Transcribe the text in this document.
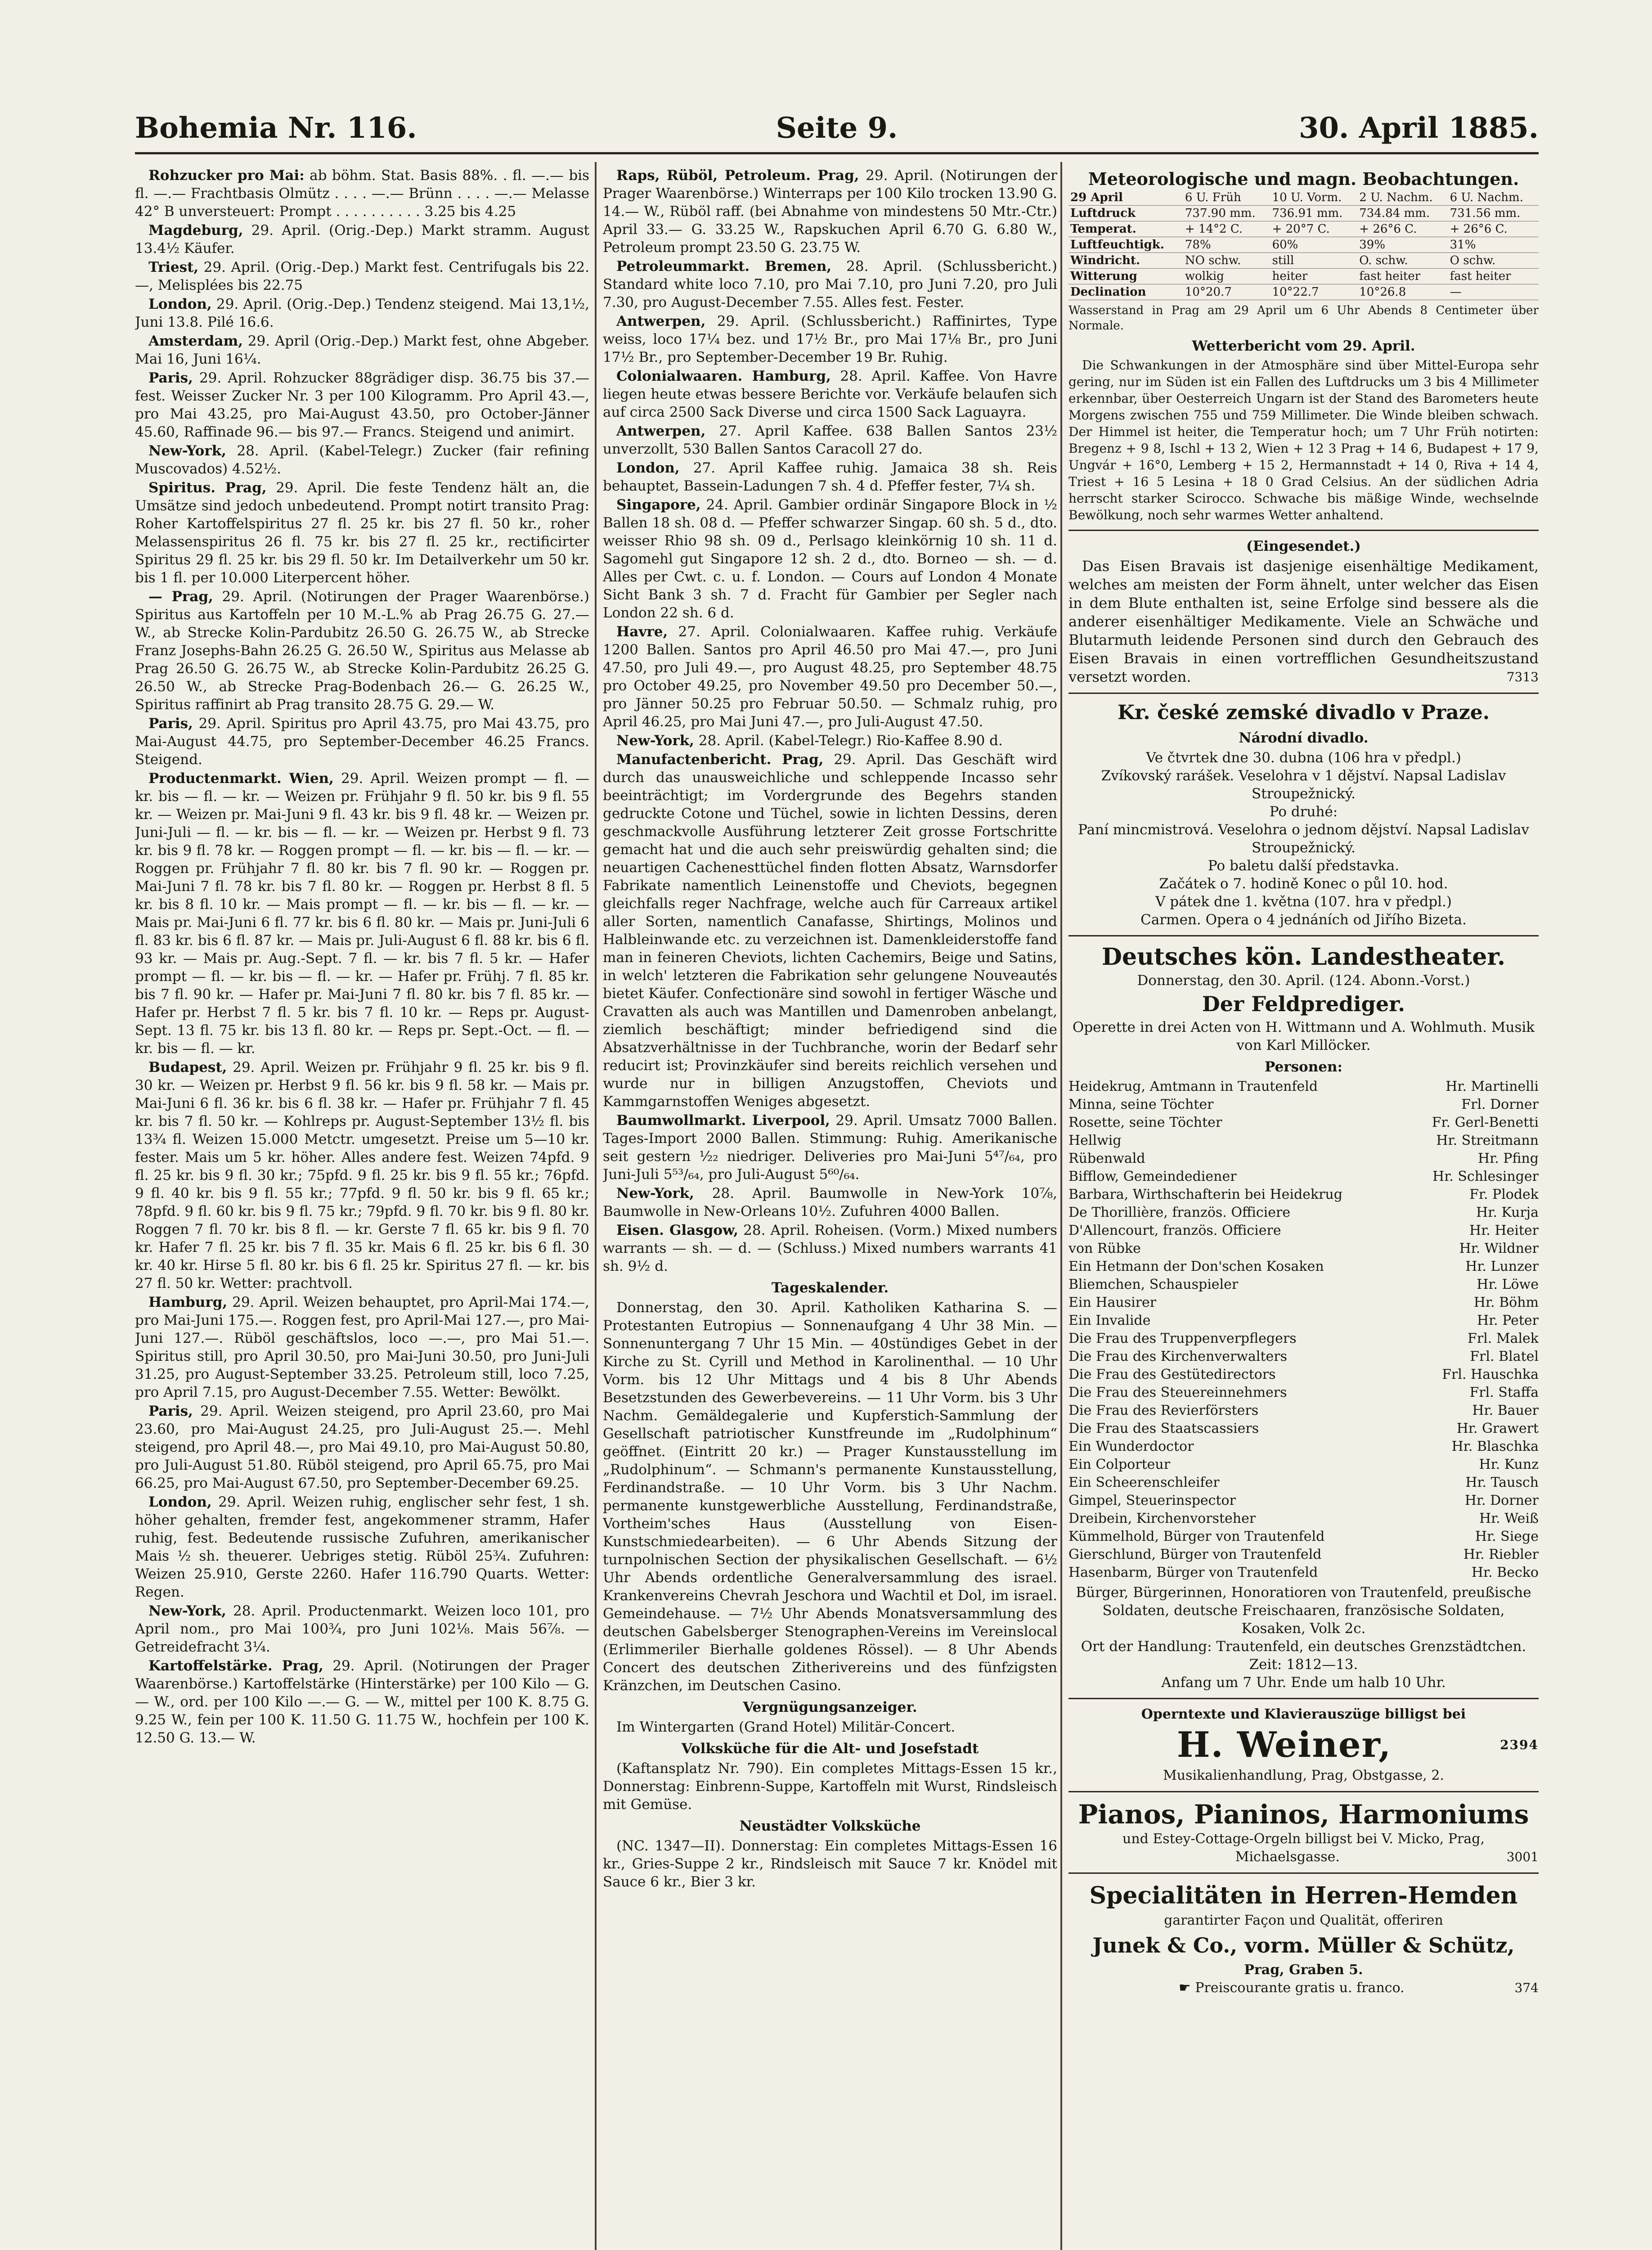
Bohemia Nr. 116.	Seite 9.	30. April 1885.
Rohzucker pro Mai: ab böhm. Stat. Basis 88%. . fl. —.— bis fl. —.— Frachtbasis Olmütz . . . . —.— Brünn . . . . —.— Melasse 42° B unversteuert: Prompt . . . . . . . . . . 3.25 bis 4.25
Magdeburg, 29. April. (Orig.-Dep.) Markt stramm. August 13.4½ Käufer.
Triest, 29. April. (Orig.-Dep.) Markt fest. Centrifugals bis 22.—, Melisplées bis 22.75
London, 29. April. (Orig.-Dep.) Tendenz steigend. Mai 13,1½, Juni 13.8. Pilé 16.6.
Amsterdam, 29. April (Orig.-Dep.) Markt fest, ohne Abgeber. Mai 16, Juni 16¼.
Paris, 29. April. Rohzucker 88grädiger disp. 36.75 bis 37.— fest. Weisser Zucker Nr. 3 per 100 Kilogramm. Pro April 43.—, pro Mai 43.25, pro Mai-August 43.50, pro October-Jänner 45.60, Raffinade 96.— bis 97.— Francs. Steigend und animirt.
New-York, 28. April. (Kabel-Telegr.) Zucker (fair refining Muscovados) 4.52½.
Spiritus. Prag, 29. April. Die feste Tendenz hält an, die Umsätze sind jedoch unbedeutend. Prompt notirt transito Prag: Roher Kartoffelspiritus 27 fl. 25 kr. bis 27 fl. 50 kr., roher Melassenspiritus 26 fl. 75 kr. bis 27 fl. 25 kr., rectificirter Spiritus 29 fl. 25 kr. bis 29 fl. 50 kr. Im Detailverkehr um 50 kr. bis 1 fl. per 10.000 Literpercent höher.
— Prag, 29. April. (Notirungen der Prager Waarenbörse.) Spiritus aus Kartoffeln per 10 M.-L.% ab Prag 26.75 G. 27.— W., ab Strecke Kolin-Pardubitz 26.50 G. 26.75 W., ab Strecke Franz Josephs-Bahn 26.25 G. 26.50 W., Spiritus aus Melasse ab Prag 26.50 G. 26.75 W., ab Strecke Kolin-Pardubitz 26.25 G. 26.50 W., ab Strecke Prag-Bodenbach 26.— G. 26.25 W., Spiritus raffinirt ab Prag transito 28.75 G. 29.— W.
Paris, 29. April. Spiritus pro April 43.75, pro Mai 43.75, pro Mai-August 44.75, pro September-December 46.25 Francs. Steigend.
Productenmarkt. Wien, 29. April. Weizen prompt — fl. — kr. bis — fl. — kr. — Weizen pr. Frühjahr 9 fl. 50 kr. bis 9 fl. 55 kr. — Weizen pr. Mai-Juni 9 fl. 43 kr. bis 9 fl. 48 kr. — Weizen pr. Juni-Juli — fl. — kr. bis — fl. — kr. — Weizen pr. Herbst 9 fl. 73 kr. bis 9 fl. 78 kr. — Roggen prompt — fl. — kr. bis — fl. — kr. — Roggen pr. Frühjahr 7 fl. 80 kr. bis 7 fl. 90 kr. — Roggen pr. Mai-Juni 7 fl. 78 kr. bis 7 fl. 80 kr. — Roggen pr. Herbst 8 fl. 5 kr. bis 8 fl. 10 kr. — Mais prompt — fl. — kr. bis — fl. — kr. — Mais pr. Mai-Juni 6 fl. 77 kr. bis 6 fl. 80 kr. — Mais pr. Juni-Juli 6 fl. 83 kr. bis 6 fl. 87 kr. — Mais pr. Juli-August 6 fl. 88 kr. bis 6 fl. 93 kr. — Mais pr. Aug.-Sept. 7 fl. — kr. bis 7 fl. 5 kr. — Hafer prompt — fl. — kr. bis — fl. — kr. — Hafer pr. Frühj. 7 fl. 85 kr. bis 7 fl. 90 kr. — Hafer pr. Mai-Juni 7 fl. 80 kr. bis 7 fl. 85 kr. — Hafer pr. Herbst 7 fl. 5 kr. bis 7 fl. 10 kr. — Reps pr. August-Sept. 13 fl. 75 kr. bis 13 fl. 80 kr. — Reps pr. Sept.-Oct. — fl. — kr. bis — fl. — kr.
Budapest, 29. April. Weizen pr. Frühjahr 9 fl. 25 kr. bis 9 fl. 30 kr. — Weizen pr. Herbst 9 fl. 56 kr. bis 9 fl. 58 kr. — Mais pr. Mai-Juni 6 fl. 36 kr. bis 6 fl. 38 kr. — Hafer pr. Frühjahr 7 fl. 45 kr. bis 7 fl. 50 kr. — Kohlreps pr. August-September 13½ fl. bis 13¾ fl. Weizen 15.000 Metctr. umgesetzt. Preise um 5—10 kr. fester. Mais um 5 kr. höher. Alles andere fest. Weizen 74pfd. 9 fl. 25 kr. bis 9 fl. 30 kr.; 75pfd. 9 fl. 25 kr. bis 9 fl. 55 kr.; 76pfd. 9 fl. 40 kr. bis 9 fl. 55 kr.; 77pfd. 9 fl. 50 kr. bis 9 fl. 65 kr.; 78pfd. 9 fl. 60 kr. bis 9 fl. 75 kr.; 79pfd. 9 fl. 70 kr. bis 9 fl. 80 kr. Roggen 7 fl. 70 kr. bis 8 fl. — kr. Gerste 7 fl. 65 kr. bis 9 fl. 70 kr. Hafer 7 fl. 25 kr. bis 7 fl. 35 kr. Mais 6 fl. 25 kr. bis 6 fl. 30 kr. 40 kr. Hirse 5 fl. 80 kr. bis 6 fl. 25 kr. Spiritus 27 fl. — kr. bis 27 fl. 50 kr. Wetter: prachtvoll.
Hamburg, 29. April. Weizen behauptet, pro April-Mai 174.—, pro Mai-Juni 175.—. Roggen fest, pro April-Mai 127.—, pro Mai-Juni 127.—. Rüböl geschäftslos, loco —.—, pro Mai 51.—. Spiritus still, pro April 30.50, pro Mai-Juni 30.50, pro Juni-Juli 31.25, pro August-September 33.25. Petroleum still, loco 7.25, pro April 7.15, pro August-December 7.55. Wetter: Bewölkt.
Paris, 29. April. Weizen steigend, pro April 23.60, pro Mai 23.60, pro Mai-August 24.25, pro Juli-August 25.—. Mehl steigend, pro April 48.—, pro Mai 49.10, pro Mai-August 50.80, pro Juli-August 51.80. Rüböl steigend, pro April 65.75, pro Mai 66.25, pro Mai-August 67.50, pro September-December 69.25.
London, 29. April. Weizen ruhig, englischer sehr fest, 1 sh. höher gehalten, fremder fest, angekommener stramm, Hafer ruhig, fest. Bedeutende russische Zufuhren, amerikanischer Mais ½ sh. theuerer. Uebriges stetig. Rüböl 25¾. Zufuhren: Weizen 25.910, Gerste 2260. Hafer 116.790 Quarts. Wetter: Regen.
New-York, 28. April. Productenmarkt. Weizen loco 101, pro April nom., pro Mai 100¾, pro Juni 102⅛. Mais 56⅞. — Getreidefracht 3¼.
Kartoffelstärke. Prag, 29. April. (Notirungen der Prager Waarenbörse.) Kartoffelstärke (Hinterstärke) per 100 Kilo — G. — W., ord. per 100 Kilo —.— G. — W., mittel per 100 K. 8.75 G. 9.25 W., fein per 100 K. 11.50 G. 11.75 W., hochfein per 100 K. 12.50 G. 13.— W.
Raps, Rüböl, Petroleum. Prag, 29. April. (Notirungen der Prager Waarenbörse.) Winterraps per 100 Kilo trocken 13.90 G. 14.— W., Rüböl raff. (bei Abnahme von mindestens 50 Mtr.-Ctr.) April 33.— G. 33.25 W., Rapskuchen April 6.70 G. 6.80 W., Petroleum prompt 23.50 G. 23.75 W.
Petroleummarkt. Bremen, 28. April. (Schlussbericht.) Standard white loco 7.10, pro Mai 7.10, pro Juni 7.20, pro Juli 7.30, pro August-December 7.55. Alles fest. Fester.
Antwerpen, 29. April. (Schlussbericht.) Raffinirtes, Type weiss, loco 17¼ bez. und 17½ Br., pro Mai 17⅛ Br., pro Juni 17½ Br., pro September-December 19 Br. Ruhig.
Colonialwaaren. Hamburg, 28. April. Kaffee. Von Havre liegen heute etwas bessere Berichte vor. Verkäufe belaufen sich auf circa 2500 Sack Diverse und circa 1500 Sack Laguayra.
Antwerpen, 27. April Kaffee. 638 Ballen Santos 23½ unverzollt, 530 Ballen Santos Caracoll 27 do.
London, 27. April Kaffee ruhig. Jamaica 38 sh. Reis behauptet, Bassein-Ladungen 7 sh. 4 d. Pfeffer fester, 7¼ sh.
Singapore, 24. April. Gambier ordinär Singapore Block in ½ Ballen 18 sh. 08 d. — Pfeffer schwarzer Singap. 60 sh. 5 d., dto. weisser Rhio 98 sh. 09 d., Perlsago kleinkörnig 10 sh. 11 d. Sagomehl gut Singapore 12 sh. 2 d., dto. Borneo — sh. — d. Alles per Cwt. c. u. f. London. — Cours auf London 4 Monate Sicht Bank 3 sh. 7 d. Fracht für Gambier per Segler nach London 22 sh. 6 d.
Havre, 27. April. Colonialwaaren. Kaffee ruhig. Verkäufe 1200 Ballen. Santos pro April 46.50 pro Mai 47.—, pro Juni 47.50, pro Juli 49.—, pro August 48.25, pro September 48.75 pro October 49.25, pro November 49.50 pro December 50.—, pro Jänner 50.25 pro Februar 50.50. — Schmalz ruhig, pro April 46.25, pro Mai Juni 47.—, pro Juli-August 47.50.
New-York, 28. April. (Kabel-Telegr.) Rio-Kaffee 8.90 d.
Manufactenbericht. Prag, 29. April. Das Geschäft wird durch das unausweichliche und schleppende Incasso sehr beeinträchtigt; im Vordergrunde des Begehrs standen gedruckte Cotone und Tüchel, sowie in lichten Dessins, deren geschmackvolle Ausführung letzterer Zeit grosse Fortschritte gemacht hat und die auch sehr preiswürdig gehalten sind; die neuartigen Cachenesttüchel finden flotten Absatz, Warnsdorfer Fabrikate namentlich Leinenstoffe und Cheviots, begegnen gleichfalls reger Nachfrage, welche auch für Carreaux artikel aller Sorten, namentlich Canafasse, Shirtings, Molinos und Halbleinwande etc. zu verzeichnen ist. Damenkleiderstoffe fand man in feineren Cheviots, lichten Cachemirs, Beige und Satins, in welch' letzteren die Fabrikation sehr gelungene Nouveautés bietet Käufer. Confectionäre sind sowohl in fertiger Wäsche und Cravatten als auch was Mantillen und Damenroben anbelangt, ziemlich beschäftigt; minder befriedigend sind die Absatzverhältnisse in der Tuchbranche, worin der Bedarf sehr reducirt ist; Provinzkäufer sind bereits reichlich versehen und wurde nur in billigen Anzugstoffen, Cheviots und Kammgarnstoffen Weniges abgesetzt.
Baumwollmarkt. Liverpool, 29. April. Umsatz 7000 Ballen. Tages-Import 2000 Ballen. Stimmung: Ruhig. Amerikanische seit gestern ½₂ niedriger. Deliveries pro Mai-Juni 5⁴⁷/₆₄, pro Juni-Juli 5⁵³/₆₄, pro Juli-August 5⁶⁰/₆₄.
New-York, 28. April. Baumwolle in New-York 10⅞, Baumwolle in New-Orleans 10½. Zufuhren 4000 Ballen.
Eisen. Glasgow, 28. April. Roheisen. (Vorm.) Mixed numbers warrants — sh. — d. — (Schluss.) Mixed numbers warrants 41 sh. 9½ d.
Tageskalender.
Donnerstag, den 30. April. Katholiken Katharina S. — Protestanten Eutropius — Sonnenaufgang 4 Uhr 38 Min. — Sonnenuntergang 7 Uhr 15 Min. — 40stündiges Gebet in der Kirche zu St. Cyrill und Method in Karolinenthal. — 10 Uhr Vorm. bis 12 Uhr Mittags und 4 bis 8 Uhr Abends Besetzstunden des Gewerbevereins. — 11 Uhr Vorm. bis 3 Uhr Nachm. Gemäldegalerie und Kupferstich-Sammlung der Gesellschaft patriotischer Kunstfreunde im „Rudolphinum“ geöffnet. (Eintritt 20 kr.) — Prager Kunstausstellung im „Rudolphinum“. — Schmann's permanente Kunstausstellung, Ferdinandstraße. — 10 Uhr Vorm. bis 3 Uhr Nachm. permanente kunstgewerbliche Ausstellung, Ferdinandstraße, Vortheim'sches Haus (Ausstellung von Eisen-Kunstschmiedearbeiten). — 6 Uhr Abends Sitzung der turnpolnischen Section der physikalischen Gesellschaft. — 6½ Uhr Abends ordentliche Generalversammlung des israel. Krankenvereins Chevrah Jeschora und Wachtil et Dol, im israel. Gemeindehause. — 7½ Uhr Abends Monatsversammlung des deutschen Gabelsberger Stenographen-Vereins im Vereinslocal (Erlimmeriler Bierhalle goldenes Rössel). — 8 Uhr Abends Concert des deutschen Zitherivereins und des fünfzigsten Kränzchen, im Deutschen Casino.
Vergnügungsanzeiger.
Im Wintergarten (Grand Hotel) Militär-Concert.
Volksküche für die Alt- und Josefstadt
(Kaftansplatz Nr. 790). Ein completes Mittags-Essen 15 kr., Donnerstag: Einbrenn-Suppe, Kartoffeln mit Wurst, Rindsleisch mit Gemüse.
Neustädter Volksküche
(NC. 1347—II). Donnerstag: Ein completes Mittags-Essen 16 kr., Gries-Suppe 2 kr., Rindsleisch mit Sauce 7 kr. Knödel mit Sauce 6 kr., Bier 3 kr.
Meteorologische und magn. Beobachtungen.
29 April	6 U. Früh	10 U. Vorm.	2 U. Nachm.	6 U. Nachm.
Luftdruck	737.90 mm.	736.91 mm.	734.84 mm.	731.56 mm.
Temperat.	+ 14°2 C.	+ 20°7 C.	+ 26°6 C.	+ 26°6 C.
Luftfeuchtigk.	78%	60%	39%	31%
Windricht.	NO schw.	still	O. schw.	O schw.
Witterung	wolkig	heiter	fast heiter	fast heiter
Declination	10°20.7	10°22.7	10°26.8	—
Wasserstand in Prag am 29 April um 6 Uhr Abends 8 Centimeter über Normale.
Wetterbericht vom 29. April.
Die Schwankungen in der Atmosphäre sind über Mittel-Europa sehr gering, nur im Süden ist ein Fallen des Luftdrucks um 3 bis 4 Millimeter erkennbar, über Oesterreich Ungarn ist der Stand des Barometers heute Morgens zwischen 755 und 759 Millimeter. Die Winde bleiben schwach. Der Himmel ist heiter, die Temperatur hoch; um 7 Uhr Früh notirten: Bregenz + 9 8, Ischl + 13 2, Wien + 12 3 Prag + 14 6, Budapest + 17 9, Ungvár + 16°0, Lemberg + 15 2, Hermannstadt + 14 0, Riva + 14 4, Triest + 16 5 Lesina + 18 0 Grad Celsius. An der südlichen Adria herrscht starker Scirocco. Schwache bis mäßige Winde, wechselnde Bewölkung, noch sehr warmes Wetter anhaltend.
(Eingesendet.)
Das Eisen Bravais ist dasjenige eisenhältige Medikament, welches am meisten der Form ähnelt, unter welcher das Eisen in dem Blute enthalten ist, seine Erfolge sind bessere als die anderer eisenhältiger Medikamente. Viele an Schwäche und Blutarmuth leidende Personen sind durch den Gebrauch des Eisen Bravais in einen vortrefflichen Gesundheitszustand versetzt worden.	7313
Kr. české zemské divadlo v Praze.
Národní divadlo.
Ve čtvrtek dne 30. dubna (106 hra v předpl.)
Zvíkovský rarášek. Veselohra v 1 dějství. Napsal Ladislav Stroupežnický.
Po druhé:
Paní mincmistrová. Veselohra o jednom dějství. Napsal Ladislav Stroupežnický.
Po baletu další představka.
Začátek o 7. hodině Konec o půl 10. hod.
V pátek dne 1. května (107. hra v předpl.)
Carmen. Opera o 4 jednáních od Jiřího Bizeta.
Deutsches kön. Landestheater.
Donnerstag, den 30. April. (124. Abonn.-Vorst.)
Der Feldprediger.
Operette in drei Acten von H. Wittmann und A. Wohlmuth. Musik von Karl Millöcker.
Personen:
Heidekrug, Amtmann in Trautenfeld	Hr. Martinelli
Minna, seine Töchter	Frl. Dorner
Rosette, seine Töchter	Fr. Gerl-Benetti
Hellwig	Hr. Streitmann
Rübenwald	Hr. Pfing
Bifflow, Gemeindediener	Hr. Schlesinger
Barbara, Wirthschafterin bei Heidekrug	Fr. Plodek
De Thorillière, französ. Officiere	Hr. Kurja
D'Allencourt, französ. Officiere	Hr. Heiter
von Rübke	Hr. Wildner
Ein Hetmann der Don'schen Kosaken	Hr. Lunzer
Bliemchen, Schauspieler	Hr. Löwe
Ein Hausirer	Hr. Böhm
Ein Invalide	Hr. Peter
Die Frau des Truppenverpflegers	Frl. Malek
Die Frau des Kirchenverwalters	Frl. Blatel
Die Frau des Gestütedirectors	Frl. Hauschka
Die Frau des Steuereinnehmers	Frl. Staffa
Die Frau des Revierförsters	Hr. Bauer
Die Frau des Staatscassiers	Hr. Grawert
Ein Wunderdoctor	Hr. Blaschka
Ein Colporteur	Hr. Kunz
Ein Scheerenschleifer	Hr. Tausch
Gimpel, Steuerinspector	Hr. Dorner
Dreibein, Kirchenvorsteher	Hr. Weiß
Kümmelhold, Bürger von Trautenfeld	Hr. Siege
Gierschlund, Bürger von Trautenfeld	Hr. Riebler
Hasenbarm, Bürger von Trautenfeld	Hr. Becko
Bürger, Bürgerinnen, Honoratioren von Trautenfeld, preußische Soldaten, deutsche Freischaaren, französische Soldaten, Kosaken, Volk 2c.
Ort der Handlung: Trautenfeld, ein deutsches Grenzstädtchen. Zeit: 1812—13.
Anfang um 7 Uhr. Ende um halb 10 Uhr.
Operntexte und Klavierauszüge billigst bei
H. Weiner,	2394
Musikalienhandlung, Prag, Obstgasse, 2.
Pianos, Pianinos, Harmoniums
und Estey-Cottage-Orgeln billigst bei V. Micko, Prag, Michaelsgasse.	3001
Specialitäten in Herren-Hemden
garantirter Façon und Qualität, offeriren
Junek & Co., vorm. Müller & Schütz,
Prag, Graben 5.
☛ Preiscourante gratis u. franco.	374
